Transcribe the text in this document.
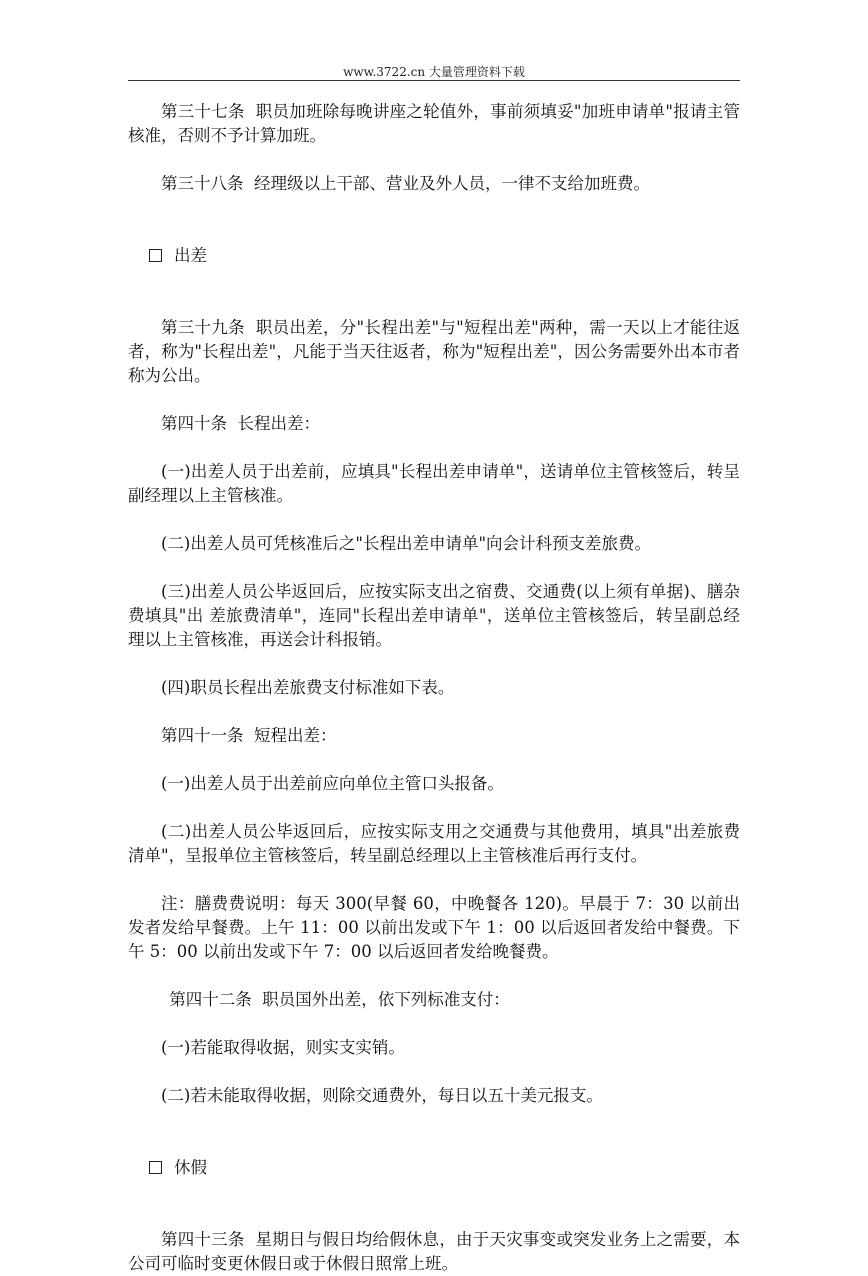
www.3722.cn 大量管理资料下载

第三十七条  职员加班除每晚讲座之轮值外，事前须填妥"加班申请单"报请主管核准，否则不予计算加班。

第三十八条  经理级以上干部、营业及外人员，一律不支给加班费。

出差

第三十九条  职员出差，分"长程出差"与"短程出差"两种，需一天以上才能往返者，称为"长程出差"，凡能于当天往返者，称为"短程出差"，因公务需要外出本市者称为公出。

第四十条  长程出差：

(一)出差人员于出差前，应填具"长程出差申请单"，送请单位主管核签后，转呈副经理以上主管核准。

(二)出差人员可凭核准后之"长程出差申请单"向会计科预支差旅费。

(三)出差人员公毕返回后，应按实际支出之宿费、交通费(以上须有单据)、膳杂费填具"出 差旅费清单"，连同"长程出差申请单"，送单位主管核签后，转呈副总经理以上主管核准，再送会计科报销。

(四)职员长程出差旅费支付标准如下表。

第四十一条  短程出差：

(一)出差人员于出差前应向单位主管口头报备。

(二)出差人员公毕返回后，应按实际支用之交通费与其他费用，填具"出差旅费清单"，呈报单位主管核签后，转呈副总经理以上主管核准后再行支付。

注：膳费费说明：每天 300(早餐 60，中晚餐各 120)。早晨于 7：30 以前出发者发给早餐费。上午 11：00 以前出发或下午 1：00 以后返回者发给中餐费。下午 5：00 以前出发或下午 7：00 以后返回者发给晚餐费。

第四十二条  职员国外出差，依下列标准支付：

(一)若能取得收据，则实支实销。

(二)若未能取得收据，则除交通费外，每日以五十美元报支。

休假

第四十三条  星期日与假日均给假休息，由于天灾事变或突发业务上之需要，本公司可临时变更休假日或于休假日照常上班。
